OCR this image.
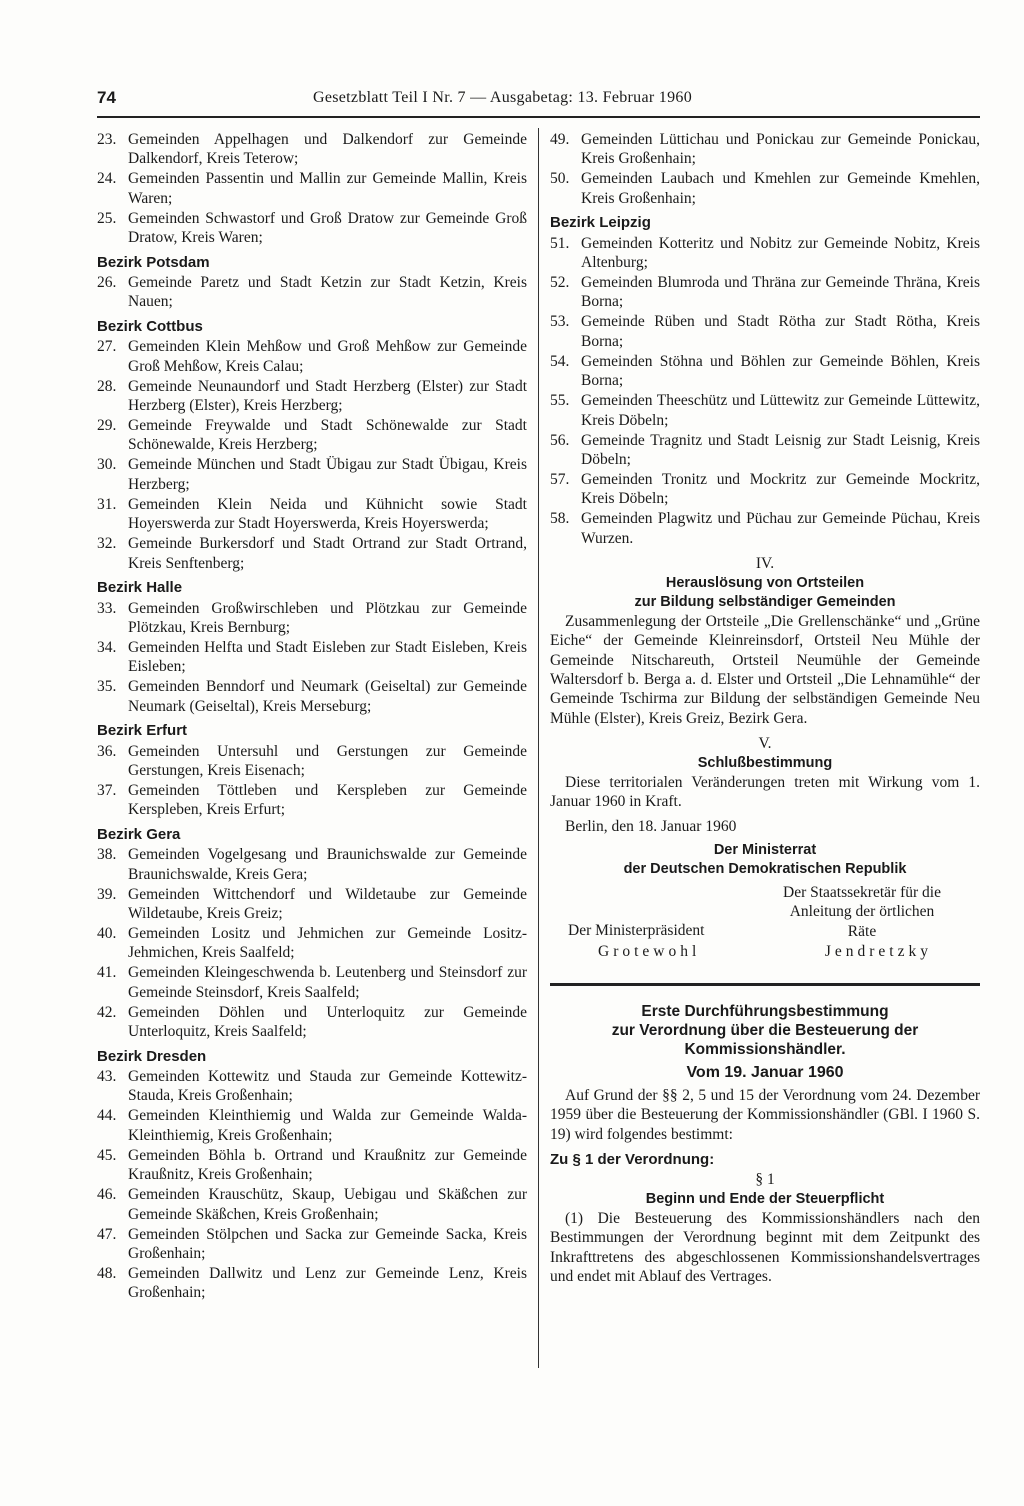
74	Gesetzblatt Teil I Nr. 7 — Ausgabetag: 13. Februar 1960
23. Gemeinden Appelhagen und Dalkendorf zur Gemeinde Dalkendorf, Kreis Teterow;
24. Gemeinden Passentin und Mallin zur Gemeinde Mallin, Kreis Waren;
25. Gemeinden Schwastorf und Groß Dratow zur Gemeinde Groß Dratow, Kreis Waren;
Bezirk Potsdam
26. Gemeinde Paretz und Stadt Ketzin zur Stadt Ketzin, Kreis Nauen;
Bezirk Cottbus
27. Gemeinden Klein Mehßow und Groß Mehßow zur Gemeinde Groß Mehßow, Kreis Calau;
28. Gemeinde Neunaundorf und Stadt Herzberg (Elster) zur Stadt Herzberg (Elster), Kreis Herzberg;
29. Gemeinde Freywalde und Stadt Schönewalde zur Stadt Schönewalde, Kreis Herzberg;
30. Gemeinde München und Stadt Übigau zur Stadt Übigau, Kreis Herzberg;
31. Gemeinden Klein Neida und Kühnicht sowie Stadt Hoyerswerda zur Stadt Hoyerswerda, Kreis Hoyerswerda;
32. Gemeinde Burkersdorf und Stadt Ortrand zur Stadt Ortrand, Kreis Senftenberg;
Bezirk Halle
33. Gemeinden Großwirschleben und Plötzkau zur Gemeinde Plötzkau, Kreis Bernburg;
34. Gemeinden Helfta und Stadt Eisleben zur Stadt Eisleben, Kreis Eisleben;
35. Gemeinden Benndorf und Neumark (Geiseltal) zur Gemeinde Neumark (Geiseltal), Kreis Merseburg;
Bezirk Erfurt
36. Gemeinden Untersuhl und Gerstungen zur Gemeinde Gerstungen, Kreis Eisenach;
37. Gemeinden Töttleben und Kerspleben zur Gemeinde Kerspleben, Kreis Erfurt;
Bezirk Gera
38. Gemeinden Vogelgesang und Braunichswalde zur Gemeinde Braunichswalde, Kreis Gera;
39. Gemeinden Wittchendorf und Wildetaube zur Gemeinde Wildetaube, Kreis Greiz;
40. Gemeinden Lositz und Jehmichen zur Gemeinde Lositz-Jehmichen, Kreis Saalfeld;
41. Gemeinden Kleingeschwenda b. Leutenberg und Steinsdorf zur Gemeinde Steinsdorf, Kreis Saalfeld;
42. Gemeinden Döhlen und Unterloquitz zur Gemeinde Unterloquitz, Kreis Saalfeld;
Bezirk Dresden
43. Gemeinden Kottewitz und Stauda zur Gemeinde Kottewitz-Stauda, Kreis Großenhain;
44. Gemeinden Kleinthiemig und Walda zur Gemeinde Walda-Kleinthiemig, Kreis Großenhain;
45. Gemeinden Böhla b. Ortrand und Kraußnitz zur Gemeinde Kraußnitz, Kreis Großenhain;
46. Gemeinden Krauschütz, Skaup, Uebigau und Skäßchen zur Gemeinde Skäßchen, Kreis Großenhain;
47. Gemeinden Stölpchen und Sacka zur Gemeinde Sacka, Kreis Großenhain;
48. Gemeinden Dallwitz und Lenz zur Gemeinde Lenz, Kreis Großenhain;
49. Gemeinden Lüttichau und Ponickau zur Gemeinde Ponickau, Kreis Großenhain;
50. Gemeinden Laubach und Kmehlen zur Gemeinde Kmehlen, Kreis Großenhain;
Bezirk Leipzig
51. Gemeinden Kotteritz und Nobitz zur Gemeinde Nobitz, Kreis Altenburg;
52. Gemeinden Blumroda und Thräna zur Gemeinde Thräna, Kreis Borna;
53. Gemeinde Rüben und Stadt Rötha zur Stadt Rötha, Kreis Borna;
54. Gemeinden Stöhna und Böhlen zur Gemeinde Böhlen, Kreis Borna;
55. Gemeinden Theeschütz und Lüttewitz zur Gemeinde Lüttewitz, Kreis Döbeln;
56. Gemeinde Tragnitz und Stadt Leisnig zur Stadt Leisnig, Kreis Döbeln;
57. Gemeinden Tronitz und Mockritz zur Gemeinde Mockritz, Kreis Döbeln;
58. Gemeinden Plagwitz und Püchau zur Gemeinde Püchau, Kreis Wurzen.
IV.
Herauslösung von Ortsteilen
zur Bildung selbständiger Gemeinden
Zusammenlegung der Ortsteile „Die Grellenschänke“ und „Grüne Eiche“ der Gemeinde Kleinreinsdorf, Ortsteil Neu Mühle der Gemeinde Nitschareuth, Ortsteil Neumühle der Gemeinde Waltersdorf b. Berga a. d. Elster und Ortsteil „Die Lehnamühle“ der Gemeinde Tschirma zur Bildung der selbständigen Gemeinde Neu Mühle (Elster), Kreis Greiz, Bezirk Gera.
V.
Schlußbestimmung
Diese territorialen Veränderungen treten mit Wirkung vom 1. Januar 1960 in Kraft.
Berlin, den 18. Januar 1960
Der Ministerrat
der Deutschen Demokratischen Republik
Der Staatssekretär für die Anleitung der örtlichen Räte
Der Ministerpräsident
Grotewohl	Jendretzky
Erste Durchführungsbestimmung
zur Verordnung über die Besteuerung der
Kommissionshändler.
Vom 19. Januar 1960
Auf Grund der §§ 2, 5 und 15 der Verordnung vom 24. Dezember 1959 über die Besteuerung der Kommissionshändler (GBl. I 1960 S. 19) wird folgendes bestimmt:
Zu § 1 der Verordnung:
§ 1
Beginn und Ende der Steuerpflicht
(1) Die Besteuerung des Kommissionshändlers nach den Bestimmungen der Verordnung beginnt mit dem Zeitpunkt des Inkrafttretens des abgeschlossenen Kommissionshandelsvertrages und endet mit Ablauf des Vertrages.
